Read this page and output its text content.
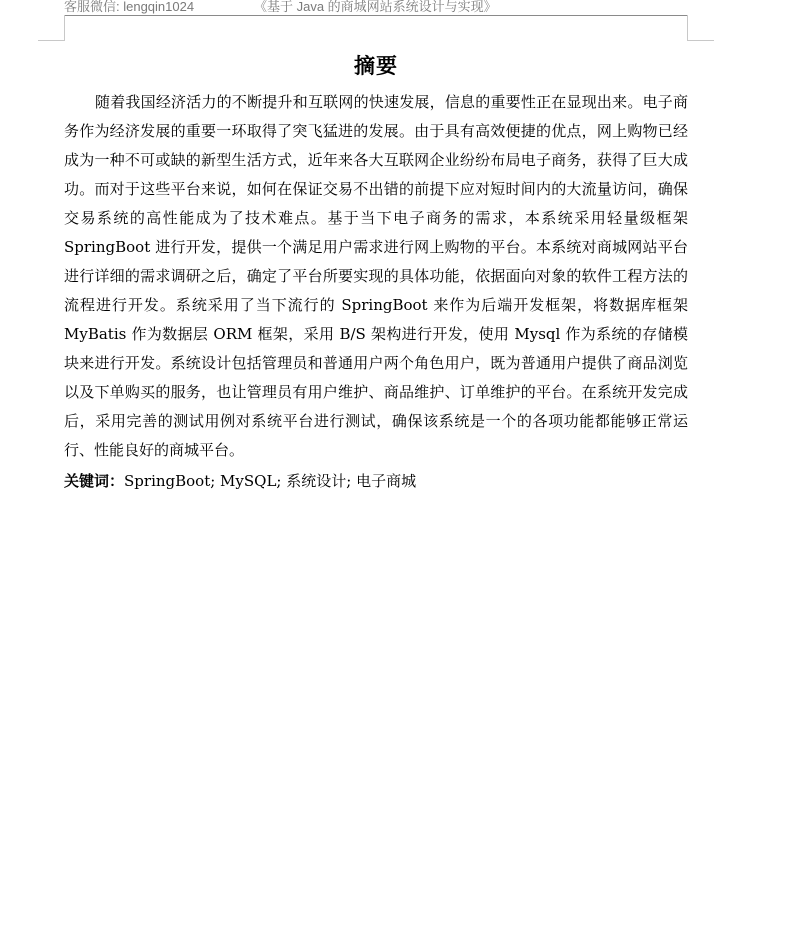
客服微信: lengqin1024	《基于 Java 的商城网站系统设计与实现》
摘要

随着我国经济活力的不断提升和互联网的快速发展，信息的重要性正在显现出来。电子商务作为经济发展的重要一环取得了突飞猛进的发展。由于具有高效便捷的优点，网上购物已经成为一种不可或缺的新型生活方式，近年来各大互联网企业纷纷布局电子商务，获得了巨大成功。而对于这些平台来说，如何在保证交易不出错的前提下应对短时间内的大流量访问，确保交易系统的高性能成为了技术难点。基于当下电子商务的需求，本系统采用轻量级框架 SpringBoot 进行开发，提供一个满足用户需求进行网上购物的平台。本系统对商城网站平台进行详细的需求调研之后，确定了平台所要实现的具体功能，依据面向对象的软件工程方法的流程进行开发。系统采用了当下流行的 SpringBoot 来作为后端开发框架，将数据库框架 MyBatis 作为数据层 ORM 框架，采用 B/S 架构进行开发，使用 Mysql 作为系统的存储模块来进行开发。系统设计包括管理员和普通用户两个角色用户，既为普通用户提供了商品浏览以及下单购买的服务，也让管理员有用户维护、商品维护、订单维护的平台。在系统开发完成后，采用完善的测试用例对系统平台进行测试，确保该系统是一个的各项功能都能够正常运行、性能良好的商城平台。

关键词：SpringBoot; MySQL; 系统设计; 电子商城
